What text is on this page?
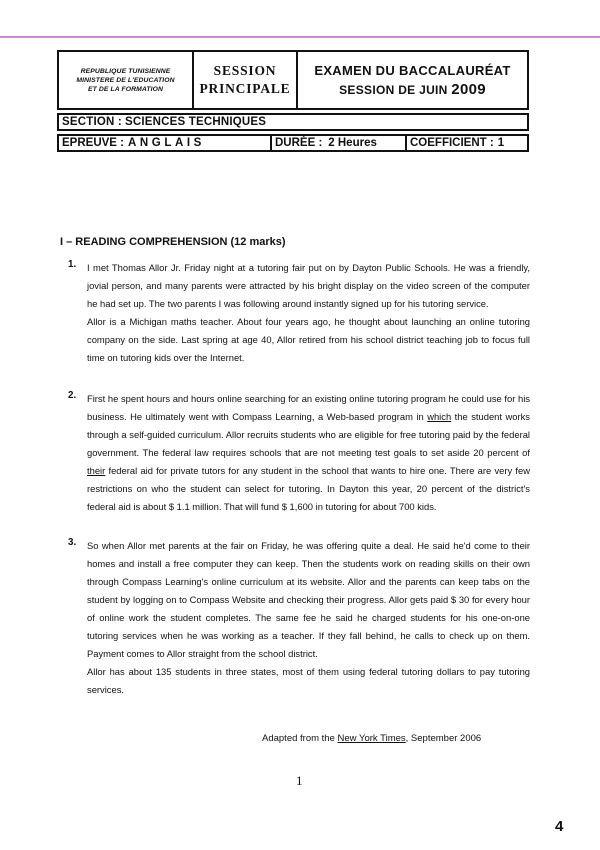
REPUBLIQUE TUNISIENNE
MINISTERE DE L'EDUCATION
ET DE LA FORMATION
SESSION
PRINCIPALE
EXAMEN DU BACCALAURÉAT
SESSION DE JUIN 2009
SECTION : SCIENCES TECHNIQUES
EPREUVE : ANGLAIS	DURÉE : 2 Heures	COEFFICIENT : 1
I – READING COMPREHENSION (12 marks)
1. I met Thomas Allor Jr. Friday night at a tutoring fair put on by Dayton Public Schools. He was a friendly, jovial person, and many parents were attracted by his bright display on the video screen of the computer he had set up. The two parents I was following around instantly signed up for his tutoring service.

Allor is a Michigan maths teacher. About four years ago, he thought about launching an online tutoring company on the side. Last spring at age 40, Allor retired from his school district teaching job to focus full time on tutoring kids over the Internet.

2. First he spent hours and hours online searching for an existing online tutoring program he could use for his business. He ultimately went with Compass Learning, a Web-based program in which the student works through a self-guided curriculum. Allor recruits students who are eligible for free tutoring paid by the federal government. The federal law requires schools that are not meeting test goals to set aside 20 percent of their federal aid for private tutors for any student in the school that wants to hire one. There are very few restrictions on who the student can select for tutoring. In Dayton this year, 20 percent of the district's federal aid is about $ 1.1 million. That will fund $ 1,600 in tutoring for about 700 kids.

3. So when Allor met parents at the fair on Friday, he was offering quite a deal. He said he'd come to their homes and install a free computer they can keep. Then the students work on reading skills on their own through Compass Learning's online curriculum at its website. Allor and the parents can keep tabs on the student by logging on to Compass Website and checking their progress. Allor gets paid $ 30 for every hour of online work the student completes. The same fee he said he charged students for his one-on-one tutoring services when he was working as a teacher. If they fall behind, he calls to check up on them. Payment comes to Allor straight from the school district.

Allor has about 135 students in three states, most of them using federal tutoring dollars to pay tutoring services.

Adapted from the New York Times, September 2006
1
4
